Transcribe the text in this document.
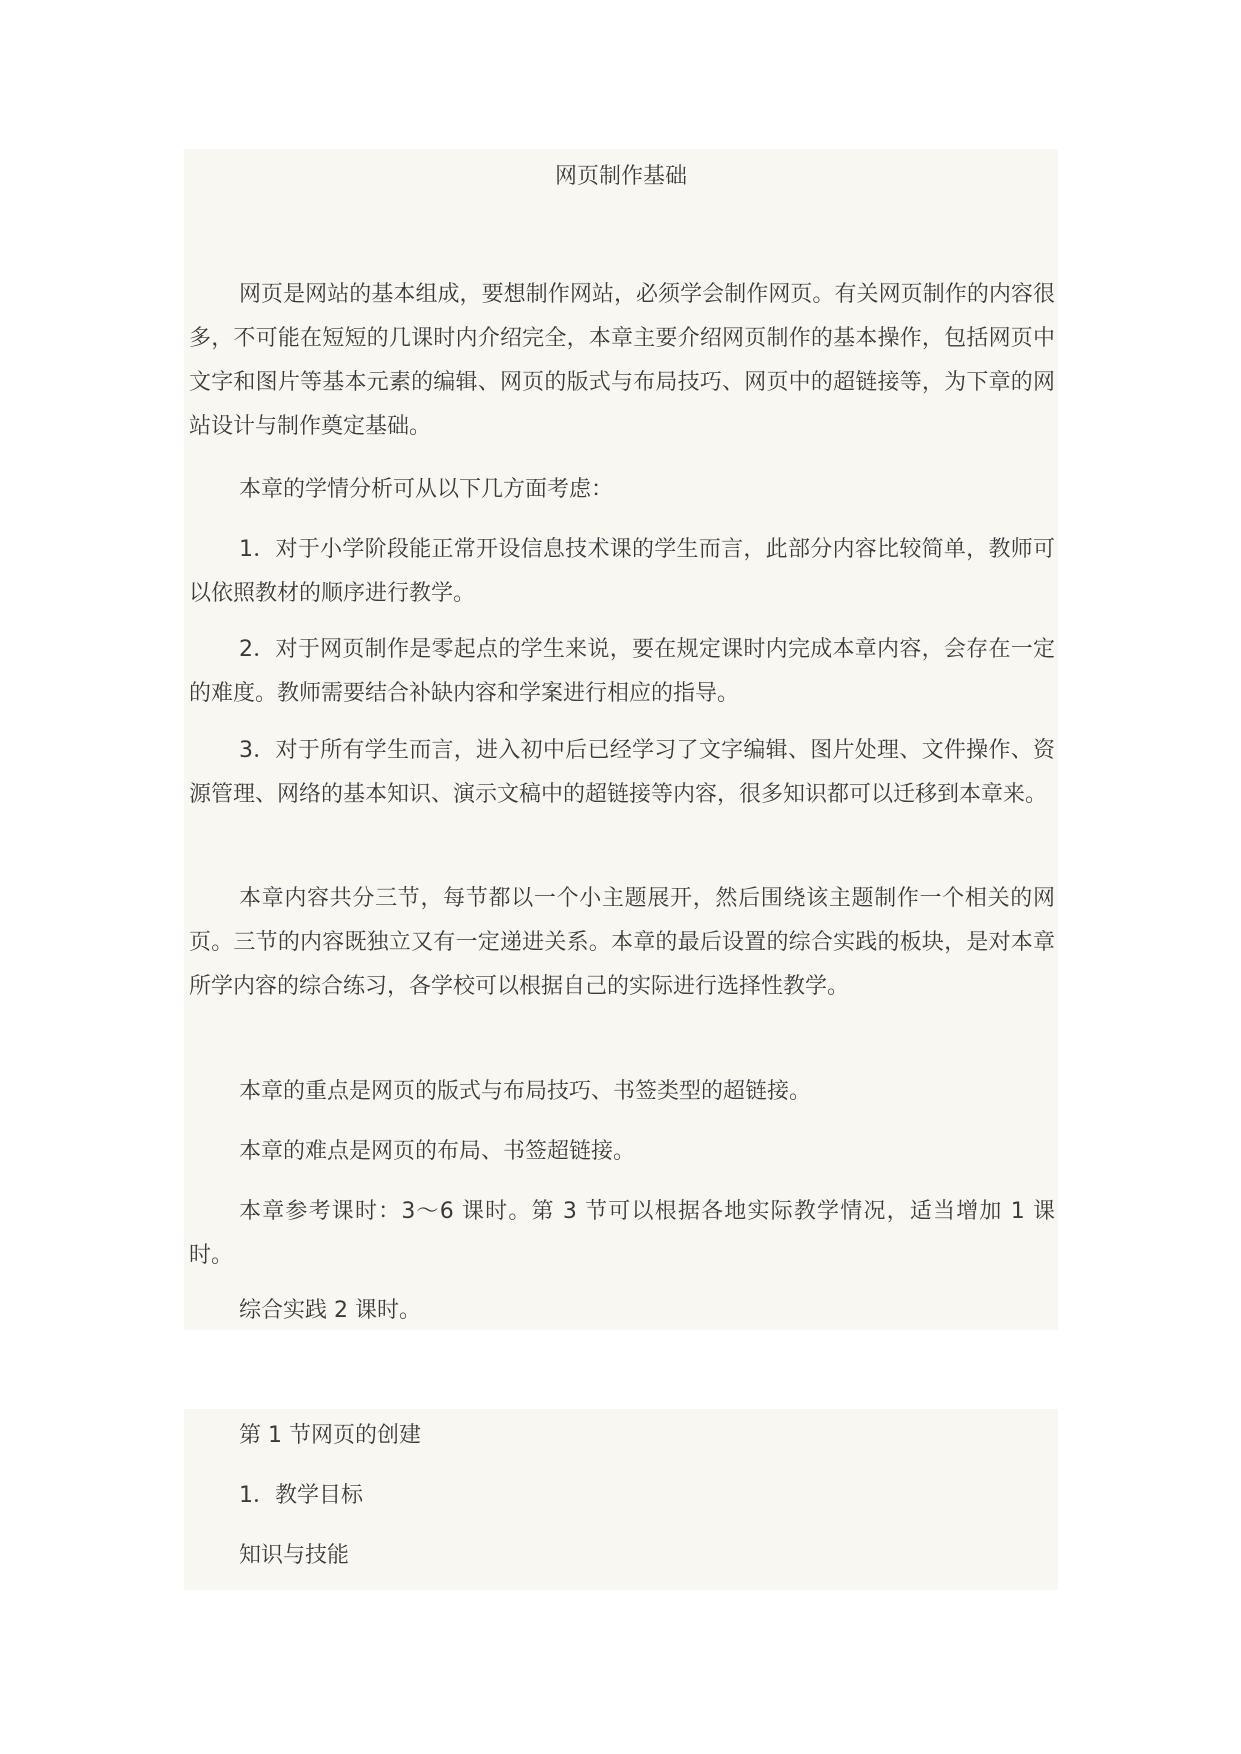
网页制作基础

网页是网站的基本组成，要想制作网站，必须学会制作网页。有关网页制作的内容很多，不可能在短短的几课时内介绍完全，本章主要介绍网页制作的基本操作，包括网页中文字和图片等基本元素的编辑、网页的版式与布局技巧、网页中的超链接等，为下章的网站设计与制作奠定基础。

本章的学情分析可从以下几方面考虑：

1．对于小学阶段能正常开设信息技术课的学生而言，此部分内容比较简单，教师可以依照教材的顺序进行教学。

2．对于网页制作是零起点的学生来说，要在规定课时内完成本章内容，会存在一定的难度。教师需要结合补缺内容和学案进行相应的指导。

3．对于所有学生而言，进入初中后已经学习了文字编辑、图片处理、文件操作、资源管理、网络的基本知识、演示文稿中的超链接等内容，很多知识都可以迁移到本章来。

本章内容共分三节，每节都以一个小主题展开，然后围绕该主题制作一个相关的网页。三节的内容既独立又有一定递进关系。本章的最后设置的综合实践的板块，是对本章所学内容的综合练习，各学校可以根据自己的实际进行选择性教学。

本章的重点是网页的版式与布局技巧、书签类型的超链接。

本章的难点是网页的布局、书签超链接。

本章参考课时：3～6 课时。第 3 节可以根据各地实际教学情况，适当增加 1 课时。

综合实践 2 课时。

第 1 节网页的创建

1．教学目标

知识与技能
